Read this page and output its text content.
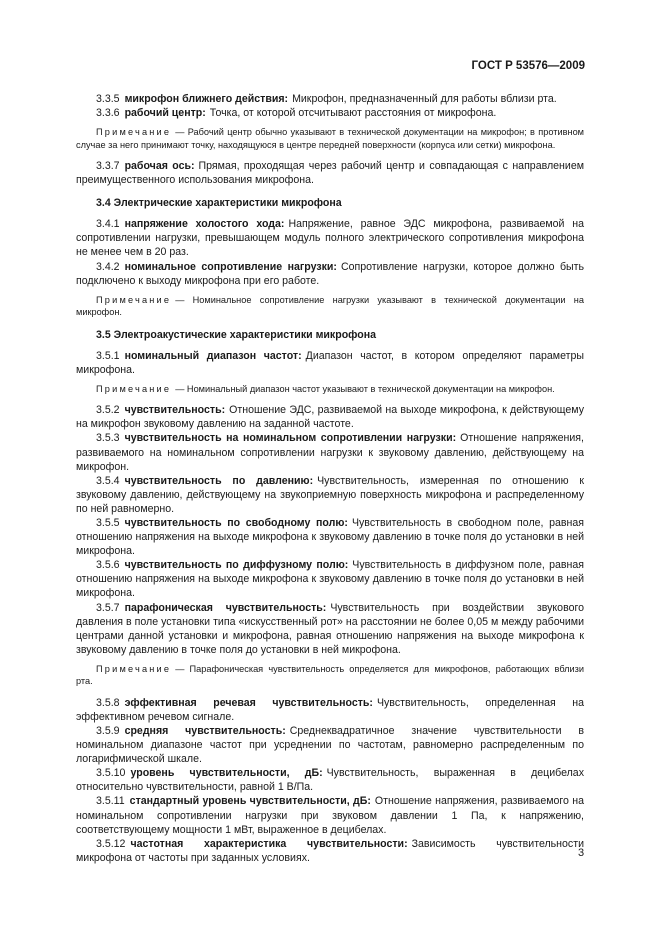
ГОСТ Р 53576—2009

3.3.5 микрофон ближнего действия: Микрофон, предназначенный для работы вблизи рта.

3.3.6 рабочий центр: Точка, от которой отсчитывают расстояния от микрофона.

Примечание — Рабочий центр обычно указывают в технической документации на микрофон; в противном случае за него принимают точку, находящуюся в центре передней поверхности (корпуса или сетки) микрофона.

3.3.7 рабочая ось: Прямая, проходящая через рабочий центр и совпадающая с направлением преимущественного использования микрофона.

3.4 Электрические характеристики микрофона

3.4.1 напряжение холостого хода: Напряжение, равное ЭДС микрофона, развиваемой на сопротивлении нагрузки, превышающем модуль полного электрического сопротивления микрофона не менее чем в 20 раз.

3.4.2 номинальное сопротивление нагрузки: Сопротивление нагрузки, которое должно быть подключено к выходу микрофона при его работе.

Примечание — Номинальное сопротивление нагрузки указывают в технической документации на микрофон.

3.5 Электроакустические характеристики микрофона

3.5.1 номинальный диапазон частот: Диапазон частот, в котором определяют параметры микрофона.

Примечание — Номинальный диапазон частот указывают в технической документации на микрофон.

3.5.2 чувствительность: Отношение ЭДС, развиваемой на выходе микрофона, к действующему на микрофон звуковому давлению на заданной частоте.

3.5.3 чувствительность на номинальном сопротивлении нагрузки: Отношение напряжения, развиваемого на номинальном сопротивлении нагрузки к звуковому давлению, действующему на микрофон.

3.5.4 чувствительность по давлению: Чувствительность, измеренная по отношению к звуковому давлению, действующему на звукоприемную поверхность микрофона и распределенному по ней равномерно.

3.5.5 чувствительность по свободному полю: Чувствительность в свободном поле, равная отношению напряжения на выходе микрофона к звуковому давлению в точке поля до установки в ней микрофона.

3.5.6 чувствительность по диффузному полю: Чувствительность в диффузном поле, равная отношению напряжения на выходе микрофона к звуковому давлению в точке поля до установки в ней микрофона.

3.5.7 парафоническая чувствительность: Чувствительность при воздействии звукового давления в поле установки типа «искусственный рот» на расстоянии не более 0,05 м между рабочими центрами данной установки и микрофона, равная отношению напряжения на выходе микрофона к звуковому давлению в точке поля до установки в ней микрофона.

Примечание — Парафоническая чувствительность определяется для микрофонов, работающих вблизи рта.

3.5.8 эффективная речевая чувствительность: Чувствительность, определенная на эффективном речевом сигнале.

3.5.9 средняя чувствительность: Среднеквадратичное значение чувствительности в номинальном диапазоне частот при усреднении по частотам, равномерно распределенным по логарифмической шкале.

3.5.10 уровень чувствительности, дБ: Чувствительность, выраженная в децибелах относительно чувствительности, равной 1 В/Па.

3.5.11 стандартный уровень чувствительности, дБ: Отношение напряжения, развиваемого на номинальном сопротивлении нагрузки при звуковом давлении 1 Па, к напряжению, соответствующему мощности 1 мВт, выраженное в децибелах.

3.5.12 частотная характеристика чувствительности: Зависимость чувствительности микрофона от частоты при заданных условиях.	3
